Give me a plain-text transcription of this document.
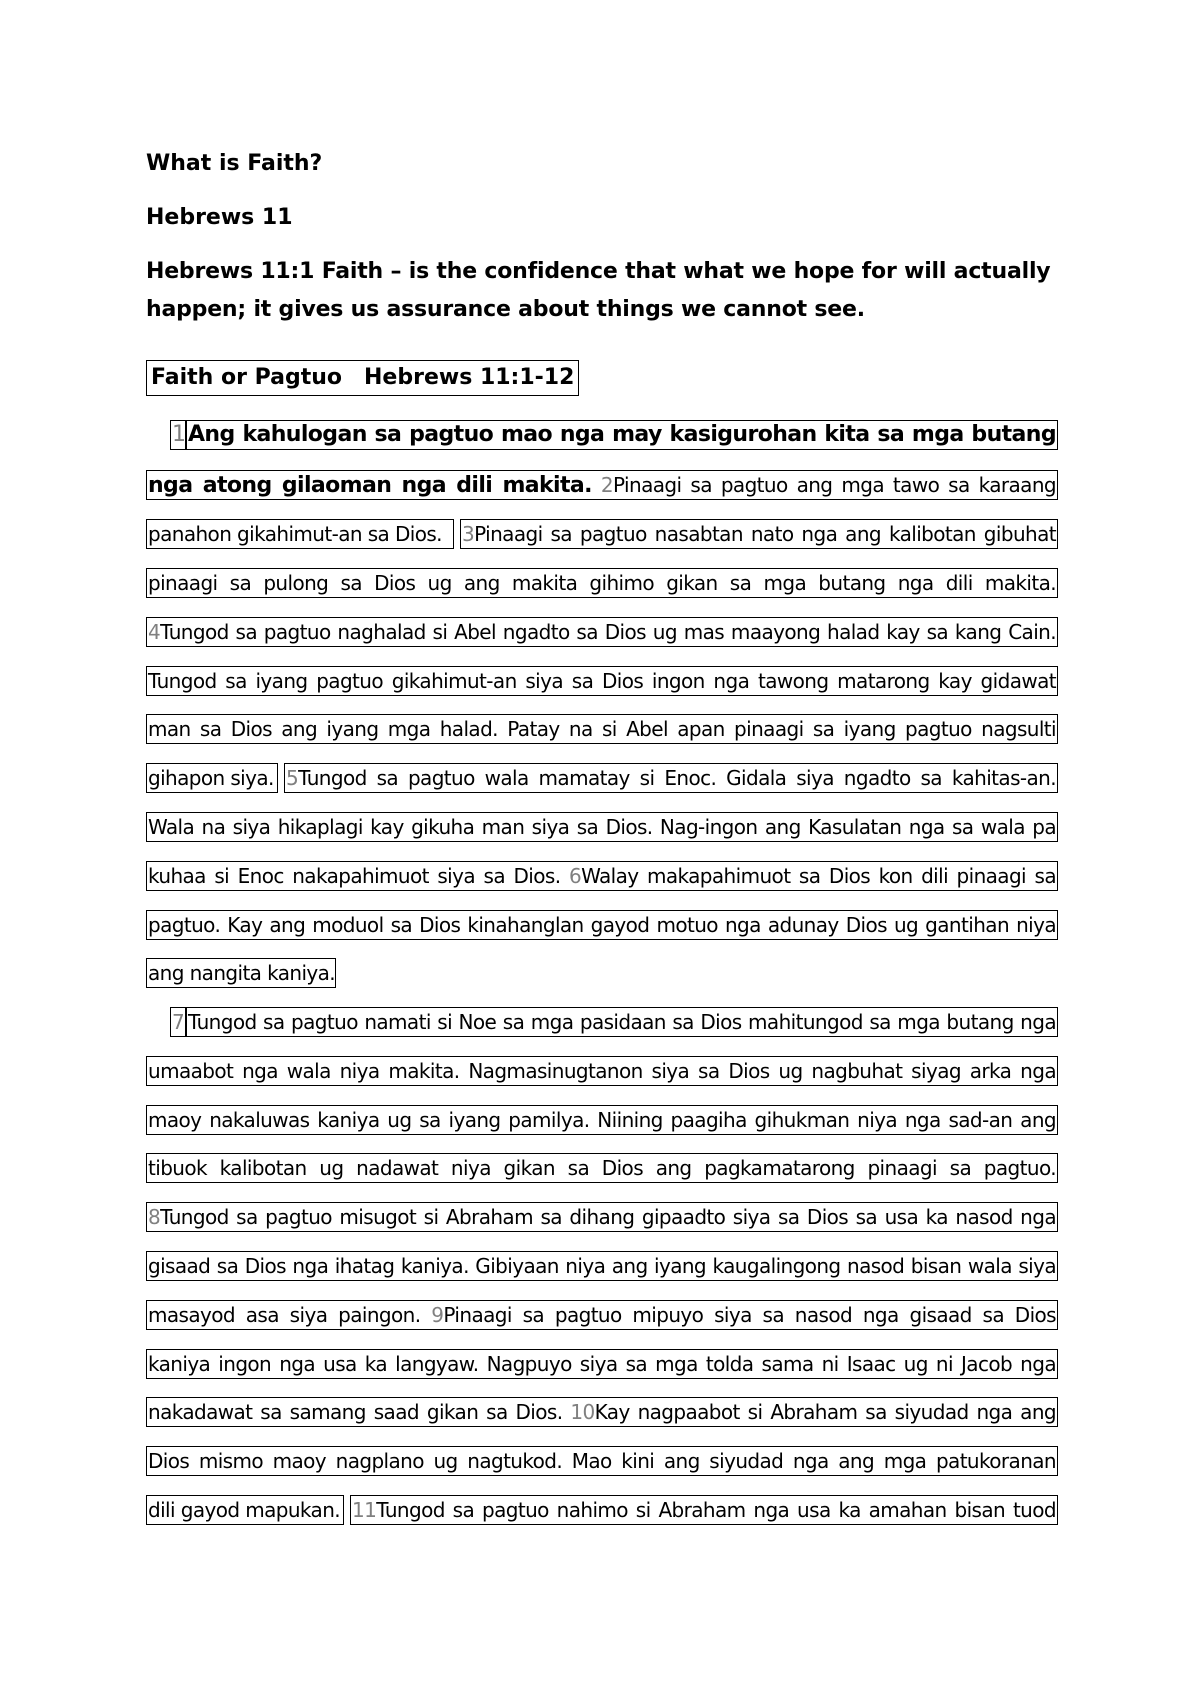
What is Faith?
Hebrews 11
Hebrews 11:1 Faith – is the confidence that what we hope for will actually happen; it gives us assurance about things we cannot see.
Faith or Pagtuo Hebrews 11:1-12
1 Ang kahulogan sa pagtuo mao nga may kasigurohan kita sa mga butang
nga atong gilaoman nga dili makita. 2Pinaagi sa pagtuo ang mga tawo sa karaang
panahon gikahimut-an sa Dios.	3Pinaagi sa pagtuo nasabtan nato nga ang kalibotan gibuhat
pinaagi sa pulong sa Dios ug ang makita gihimo gikan sa mga butang nga dili makita.
4Tungod sa pagtuo naghalad si Abel ngadto sa Dios ug mas maayong halad kay sa kang Cain.
Tungod sa iyang pagtuo gikahimut-an siya sa Dios ingon nga tawong matarong kay gidawat
man sa Dios ang iyang mga halad. Patay na si Abel apan pinaagi sa iyang pagtuo nagsulti
gihapon siya. 5Tungod sa pagtuo wala mamatay si Enoc. Gidala siya ngadto sa kahitas-an.
Wala na siya hikaplagi kay gikuha man siya sa Dios. Nag-ingon ang Kasulatan nga sa wala pa
kuhaa si Enoc nakapahimuot siya sa Dios. 6Walay makapahimuot sa Dios kon dili pinaagi sa
pagtuo. Kay ang moduol sa Dios kinahanglan gayod motuo nga adunay Dios ug gantihan niya
ang nangita kaniya.
7 Tungod sa pagtuo namati si Noe sa mga pasidaan sa Dios mahitungod sa mga butang nga
umaabot nga wala niya makita. Nagmasinugtanon siya sa Dios ug nagbuhat siyag arka nga
maoy nakaluwas kaniya ug sa iyang pamilya. Niining paagiha gihukman niya nga sad-an ang
tibuok kalibotan ug nadawat niya gikan sa Dios ang pagkamatarong pinaagi sa pagtuo.
8Tungod sa pagtuo misugot si Abraham sa dihang gipaadto siya sa Dios sa usa ka nasod nga
gisaad sa Dios nga ihatag kaniya. Gibiyaan niya ang iyang kaugalingong nasod bisan wala siya
masayod asa siya paingon. 9Pinaagi sa pagtuo mipuyo siya sa nasod nga gisaad sa Dios
kaniya ingon nga usa ka langyaw. Nagpuyo siya sa mga tolda sama ni Isaac ug ni Jacob nga
nakadawat sa samang saad gikan sa Dios. 10Kay nagpaabot si Abraham sa siyudad nga ang
Dios mismo maoy nagplano ug nagtukod. Mao kini ang siyudad nga ang mga patukoranan
dili gayod mapukan. 11Tungod sa pagtuo nahimo si Abraham nga usa ka amahan bisan tuod
